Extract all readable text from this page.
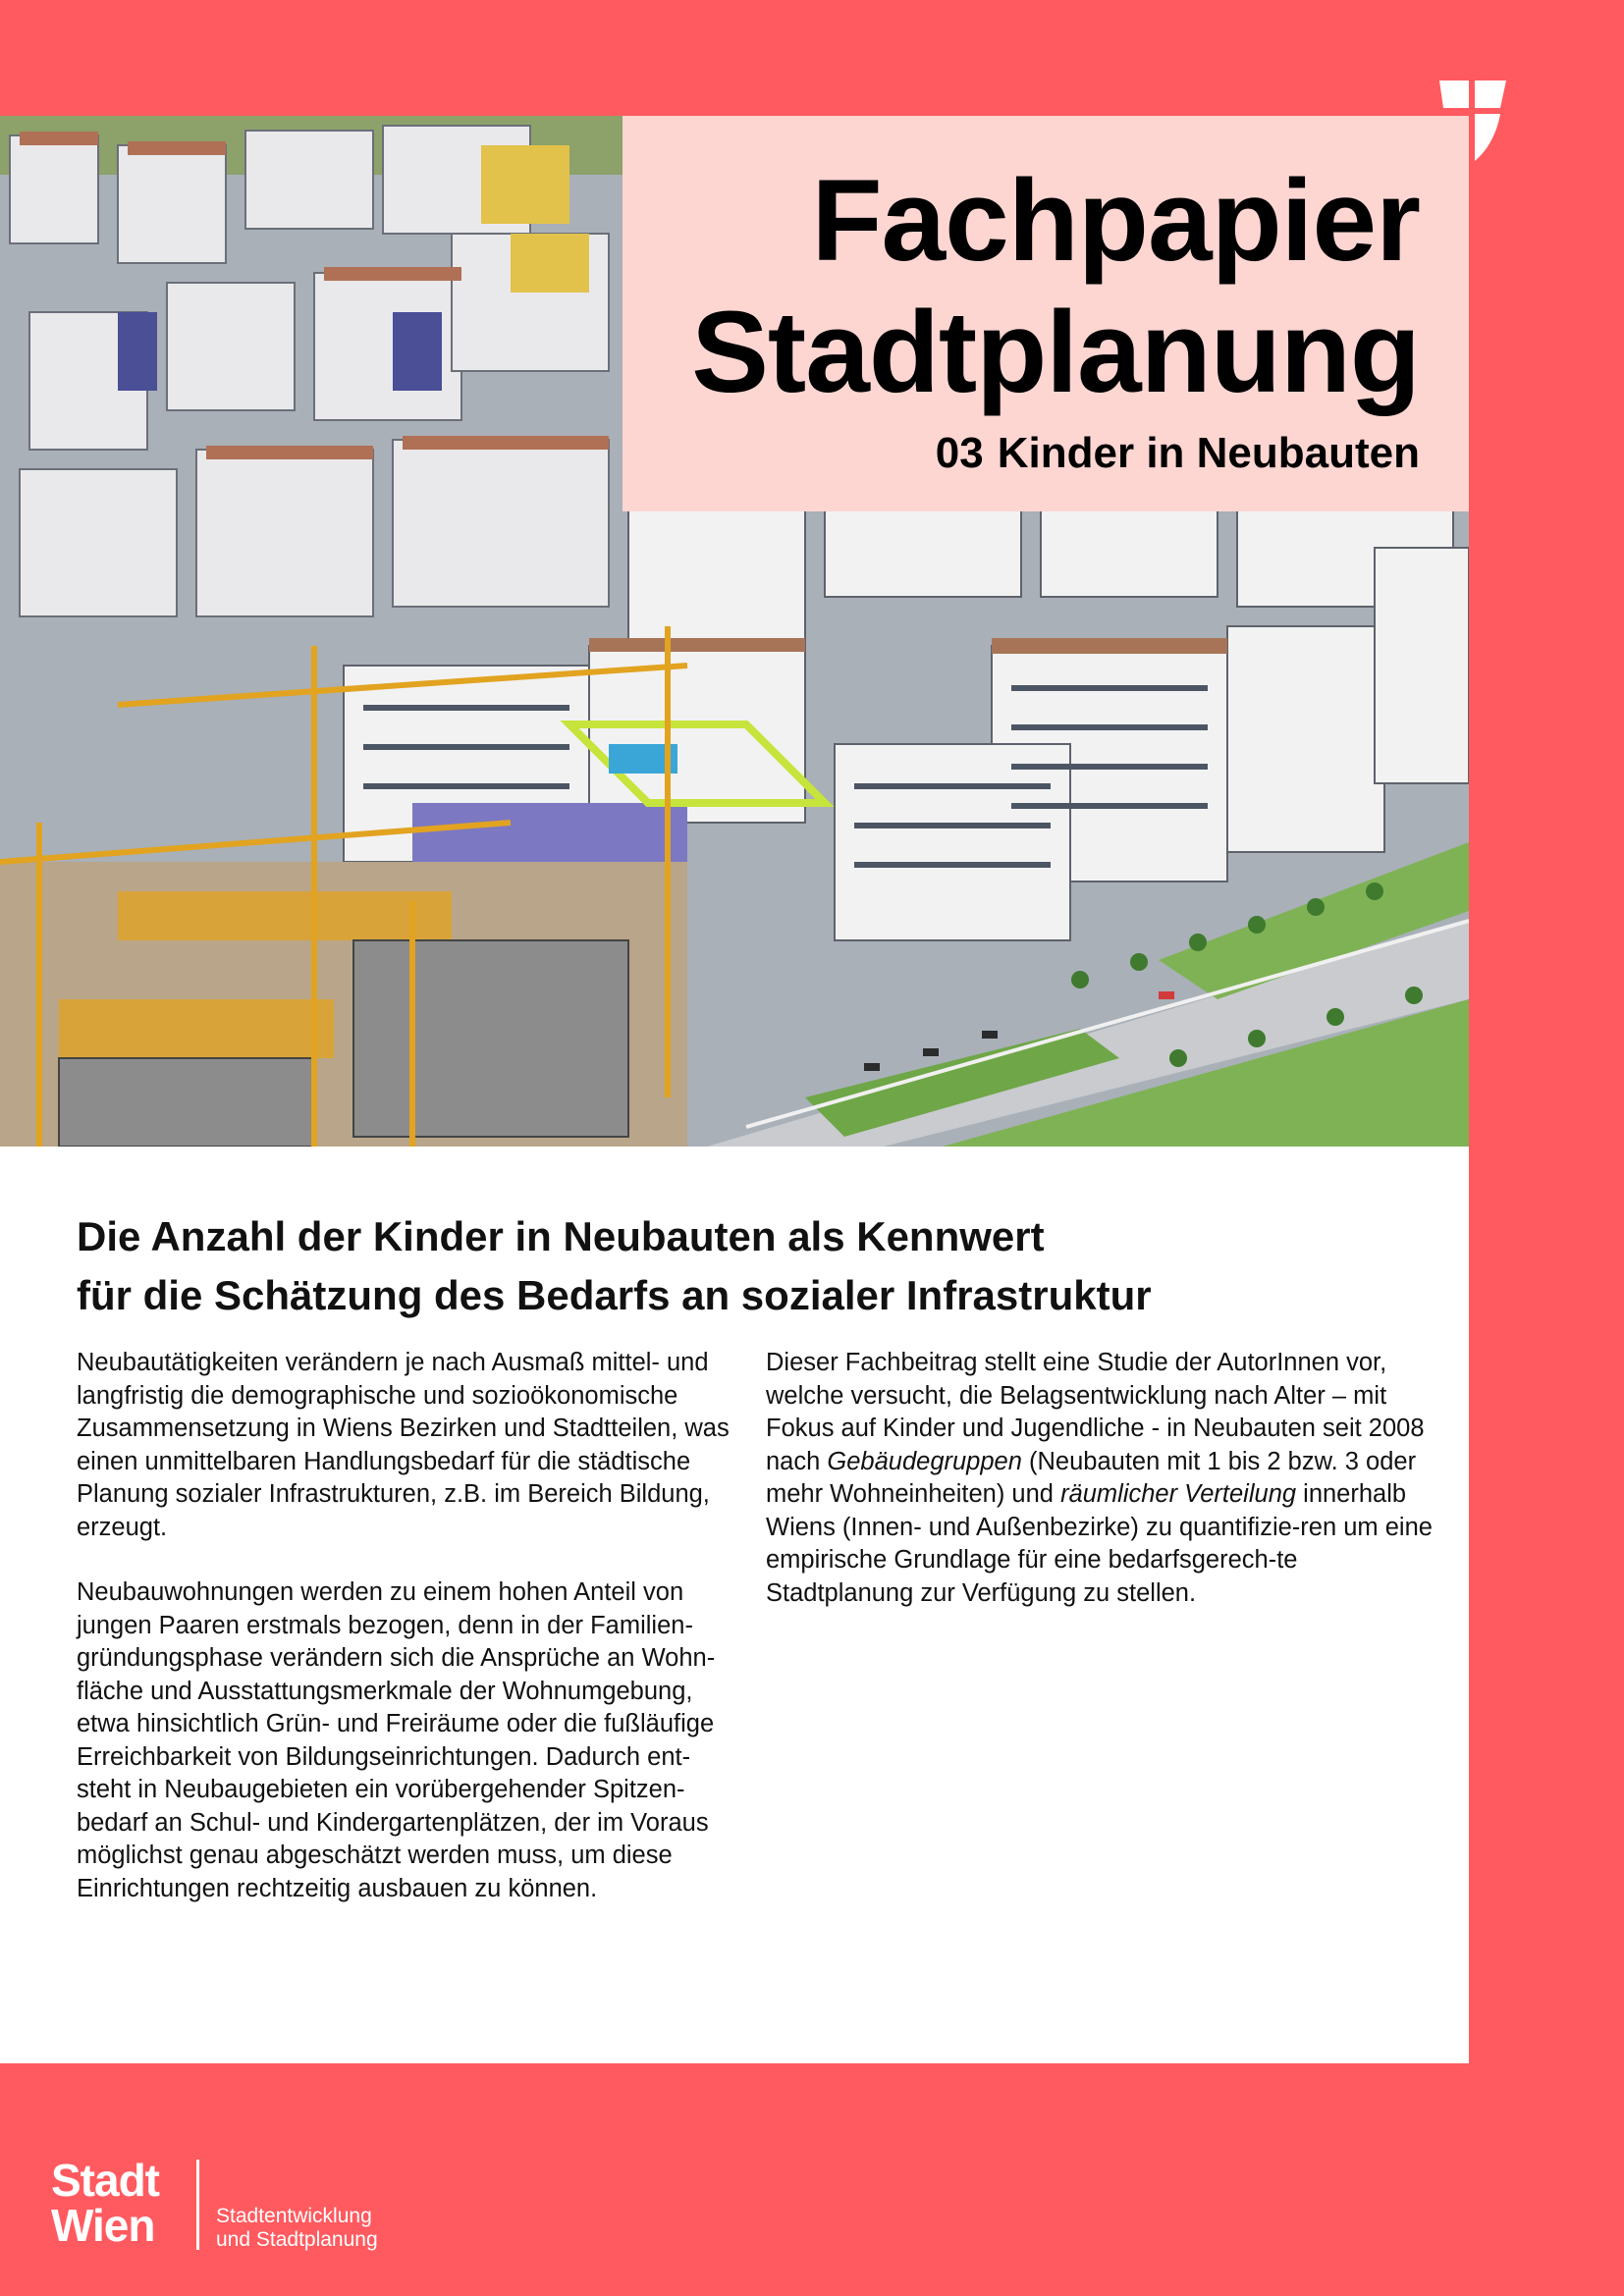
Fachpapier
Stadtplanung
03 Kinder in Neubauten
Die Anzahl der Kinder in Neubauten als Kennwert
für die Schätzung des Bedarfs an sozialer Infrastruktur

Neubautätigkeiten verändern je nach Ausmaß mittel- und langfristig die demographische und sozioökonomische Zusammensetzung in Wiens Bezirken und Stadtteilen, was einen unmittelbaren Handlungsbedarf für die städtische Planung sozialer Infrastrukturen, z.B. im Bereich Bildung, erzeugt.

Neubauwohnungen werden zu einem hohen Anteil von jungen Paaren erstmals bezogen, denn in der Familien-gründungsphase verändern sich die Ansprüche an Wohn-fläche und Ausstattungsmerkmale der Wohnumgebung, etwa hinsichtlich Grün- und Freiräume oder die fußläufige Erreichbarkeit von Bildungseinrichtungen. Dadurch ent-steht in Neubaugebieten ein vorübergehender Spitzen-bedarf an Schul- und Kindergartenplätzen, der im Voraus möglichst genau abgeschätzt werden muss, um diese Einrichtungen rechtzeitig ausbauen zu können.

Dieser Fachbeitrag stellt eine Studie der AutorInnen vor, welche versucht, die Belagsentwicklung nach Alter – mit Fokus auf Kinder und Jugendliche - in Neubauten seit 2008 nach Gebäudegruppen (Neubauten mit 1 bis 2 bzw. 3 oder mehr Wohneinheiten) und räumlicher Verteilung innerhalb Wiens (Innen- und Außenbezirke) zu quantifizie-ren um eine empirische Grundlage für eine bedarfsgerech-te Stadtplanung zur Verfügung zu stellen.

Stadt
Wien	Stadtentwicklung
und Stadtplanung
